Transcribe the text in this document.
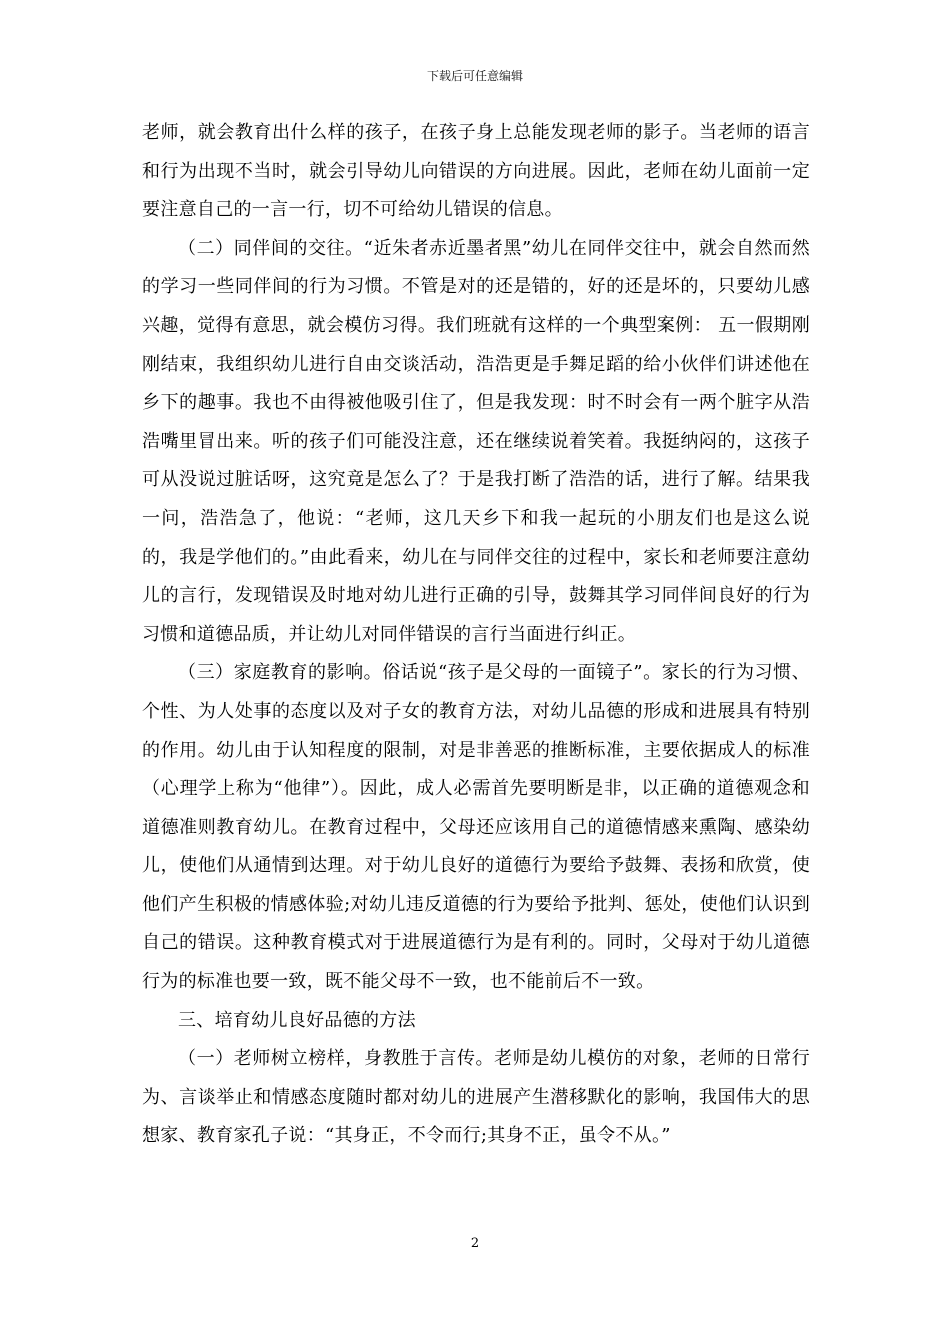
下载后可任意编辑

老师，就会教育出什么样的孩子，在孩子身上总能发现老师的影子。当老师的语言和行为出现不当时，就会引导幼儿向错误的方向进展。因此，老师在幼儿面前一定要注意自己的一言一行，切不可给幼儿错误的信息。

（二）同伴间的交往。“近朱者赤近墨者黑”幼儿在同伴交往中，就会自然而然的学习一些同伴间的行为习惯。不管是对的还是错的，好的还是坏的，只要幼儿感兴趣，觉得有意思，就会模仿习得。我们班就有这样的一个典型案例： 五一假期刚刚结束，我组织幼儿进行自由交谈活动，浩浩更是手舞足蹈的给小伙伴们讲述他在乡下的趣事。我也不由得被他吸引住了，但是我发现：时不时会有一两个脏字从浩浩嘴里冒出来。听的孩子们可能没注意，还在继续说着笑着。我挺纳闷的，这孩子可从没说过脏话呀，这究竟是怎么了？于是我打断了浩浩的话，进行了解。结果我一问，浩浩急了，他说：“老师，这几天乡下和我一起玩的小朋友们也是这么说的，我是学他们的。”由此看来，幼儿在与同伴交往的过程中，家长和老师要注意幼儿的言行，发现错误及时地对幼儿进行正确的引导，鼓舞其学习同伴间良好的行为习惯和道德品质，并让幼儿对同伴错误的言行当面进行纠正。

（三）家庭教育的影响。俗话说“孩子是父母的一面镜子”。家长的行为习惯、个性、为人处事的态度以及对子女的教育方法，对幼儿品德的形成和进展具有特别的作用。幼儿由于认知程度的限制，对是非善恶的推断标准，主要依据成人的标准（心理学上称为“他律”）。因此，成人必需首先要明断是非，以正确的道德观念和道德准则教育幼儿。在教育过程中，父母还应该用自己的道德情感来熏陶、感染幼儿，使他们从通情到达理。对于幼儿良好的道德行为要给予鼓舞、表扬和欣赏，使他们产生积极的情感体验;对幼儿违反道德的行为要给予批判、惩处，使他们认识到自己的错误。这种教育模式对于进展道德行为是有利的。同时，父母对于幼儿道德行为的标准也要一致，既不能父母不一致，也不能前后不一致。

三、培育幼儿良好品德的方法

（一）老师树立榜样，身教胜于言传。老师是幼儿模仿的对象，老师的日常行为、言谈举止和情感态度随时都对幼儿的进展产生潜移默化的影响，我国伟大的思想家、教育家孔子说：“其身正，不令而行;其身不正，虽令不从。”

2
